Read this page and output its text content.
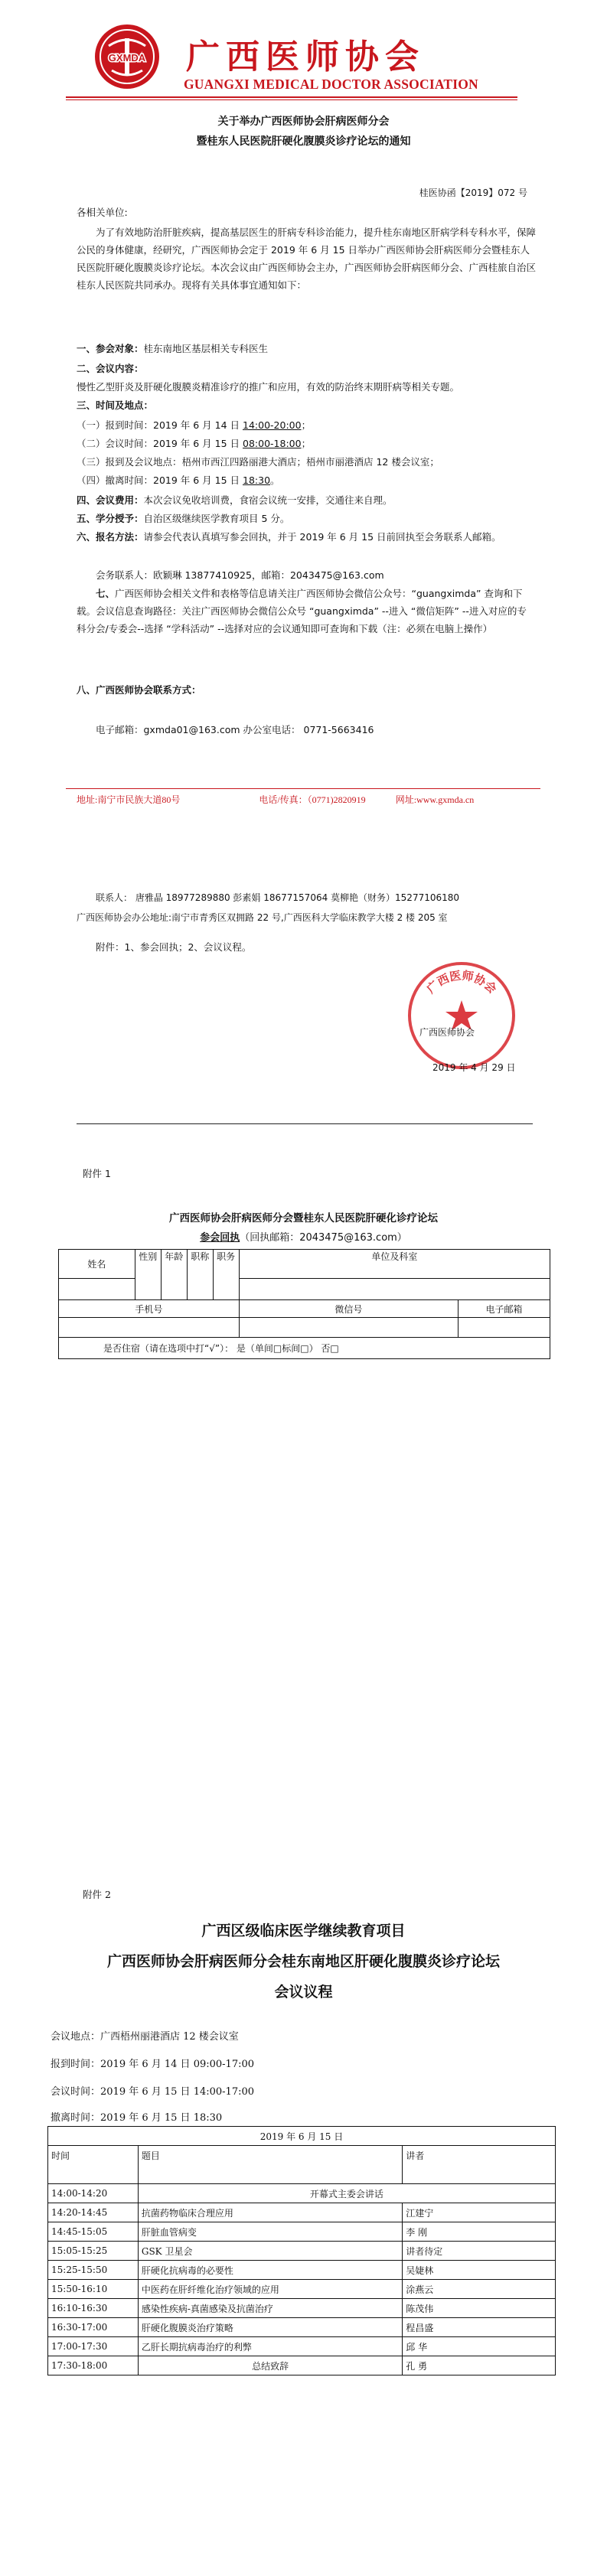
GXMDA 广西医师协会
GUANGXI MEDICAL DOCTOR ASSOCIATION
关于举办广西医师协会肝病医师分会
暨桂东人民医院肝硬化腹膜炎诊疗论坛的通知
桂医协函【2019】072 号
各相关单位:
为了有效地防治肝脏疾病，提高基层医生的肝病专科诊治能力，提升桂东南地区肝病学科专科水平，保障公民的身体健康，经研究，广西医师协会定于 2019 年 6 月 15 日举办广西医师协会肝病医师分会暨桂东人民医院肝硬化腹膜炎诊疗论坛。本次会议由广西医师协会主办，广西医师协会肝病医师分会、广西桂旅自治区桂东人民医院共同承办。现将有关具体事宜通知如下：
一、参会对象：桂东南地区基层相关专科医生
二、会议内容：
慢性乙型肝炎及肝硬化腹膜炎精准诊疗的推广和应用，有效的防治终末期肝病等相关专题。
三、时间及地点：
（一）报到时间：2019 年 6 月 14 日 14:00-20:00；
（二）会议时间：2019 年 6 月 15 日 08:00-18:00；
（三）报到及会议地点：梧州市西江四路丽港大酒店；梧州市丽港酒店 12 楼会议室；
（四）撤离时间：2019 年 6 月 15 日 18:30。
四、会议费用：本次会议免收培训费，食宿会议统一安排，交通往来自理。
五、学分授予：自治区级继续医学教育项目 5 分。
六、报名方法：请参会代表认真填写参会回执，并于 2019 年 6 月 15 日前回执至会务联系人邮箱。
会务联系人：欧颖琳 13877410925，邮箱：2043475@163.com
七、广西医师协会相关文件和表格等信息请关注广西医师协会微信公众号：“guangximda” 查询和下载。会议信息查询路径：关注广西医师协会微信公众号 “guangximda” --进入 “微信矩阵” --进入对应的专科分会/专委会--选择 “学科活动” --选择对应的会议通知即可查询和下载（注：必须在电脑上操作）
八、广西医师协会联系方式：
电子邮箱：gxmda01@163.com 办公室电话： 0771-5663416
地址:南宁市民族大道80号	电话/传真：（0771)2820919	网址:www.gxmda.cn
联系人： 唐雅晶 18977289880 彭素娟 18677157064 莫柳艳（财务）15277106180
广西医师协会办公地址:南宁市青秀区双拥路 22 号,广西医科大学临床教学大楼 2 楼 205 室
附件：1、参会回执；2、会议议程。
广西医师协会
广西医师协会
2019 年 4 月 29 日
附件 1
广西医师协会肝病医师分会暨桂东人民医院肝硬化诊疗论坛
参会回执（回执邮箱：2043475@163.com）
姓名	性别	年龄	职称	职务	单位及科室	

手机号					微信号	电子邮箱

是否住宿（请在选项中打“√”）： 是（单间□标间□） 否□						
附件 2
广西区级临床医学继续教育项目
广西医师协会肝病医师分会桂东南地区肝硬化腹膜炎诊疗论坛
会议议程
会议地点：广西梧州丽港酒店 12 楼会议室
报到时间：2019 年 6 月 14 日 09:00-17:00
会议时间：2019 年 6 月 15 日 14:00-17:00
撤离时间：2019 年 6 月 15 日 18:30
2019 年 6 月 15 日		
时间	题目	讲者
14:00-14:20	开幕式主委会讲话	
14:20-14:45	抗菌药物临床合理应用	江建宁
14:45-15:05	肝脏血管病变	李 刚
15:05-15:25	GSK 卫星会	讲者待定
15:25-15:50	肝硬化抗病毒的必要性	吴婕林
15:50-16:10	中医药在肝纤维化治疗领域的应用	涂燕云
16:10-16:30	感染性疾病-真菌感染及抗菌治疗	陈茂伟
16:30-17:00	肝硬化腹膜炎治疗策略	程昌盛
17:00-17:30	乙肝长期抗病毒治疗的利弊	邱 华
17:30-18:00	总结致辞	孔 勇
